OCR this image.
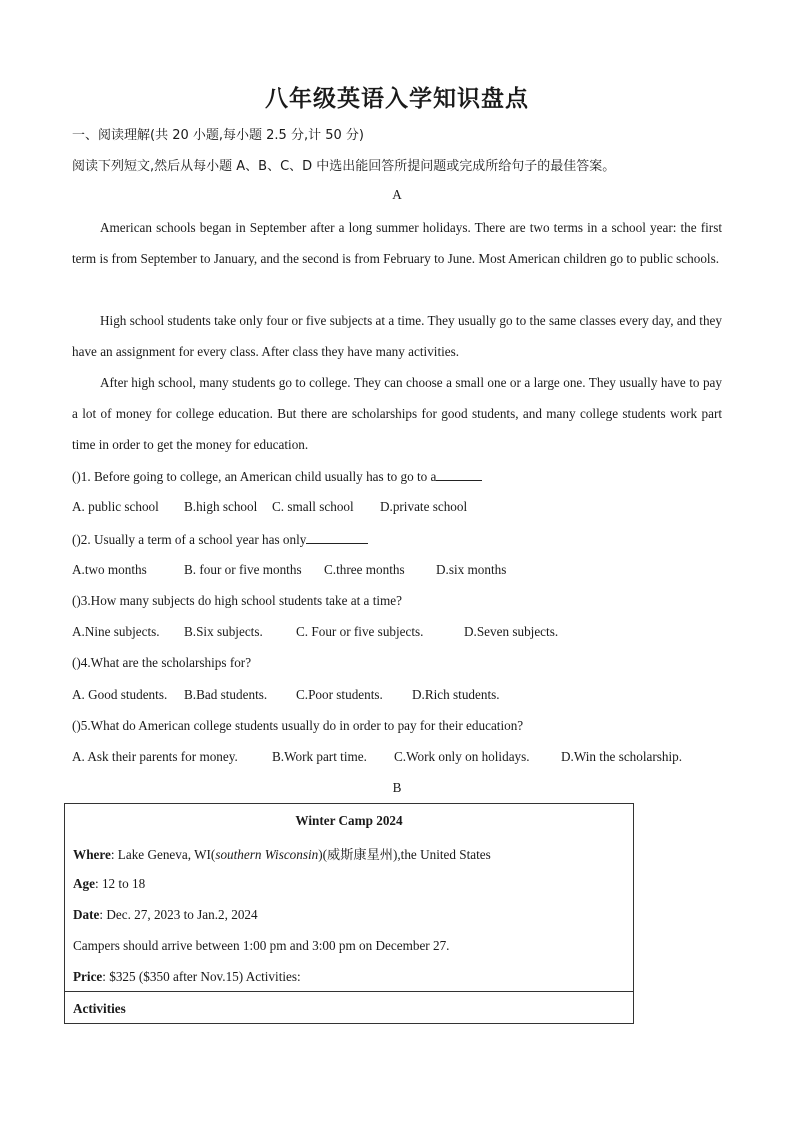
八年级英语入学知识盘点
一、阅读理解(共 20 小题,每小题 2.5 分,计 50 分)
阅读下列短文,然后从每小题 A、B、C、D 中选出能回答所提问题或完成所给句子的最佳答案。
A
American schools began in September after a long summer holidays. There are two terms in a school year: the first term is from September to January, and the second is from February to June. Most American children go to public schools.
High school students take only four or five subjects at a time. They usually go to the same classes every day, and they have an assignment for every class. After class they have many activities.
After high school, many students go to college. They can choose a small one or a large one. They usually have to pay a lot of money for college education. But there are scholarships for good students, and many college students work part time in order to get the money for education.
()1. Before going to college, an American child usually has to go to a
A. public school B.high school C. small school D.private school
()2. Usually a term of a school year has only
A.two months	B. four or five months C.three months D.six months
()3.How many subjects do high school students take at a time?
A.Nine subjects. B.Six subjects.	C. Four or five subjects.	D.Seven subjects.
()4.What are the scholarships for?
A. Good students. B.Bad students. C.Poor students. D.Rich students.
()5.What do American college students usually do in order to pay for their education?
A. Ask their parents for money.	B.Work part time. C.Work only on holidays. D.Win the scholarship.
B
Winter Camp 2024
Where: Lake Geneva, WI(southern Wisconsin)(威斯康星州),the United States
Age: 12 to 18
Date: Dec. 27, 2023 to Jan.2, 2024
Campers should arrive between 1:00 pm and 3:00 pm on December 27.
Price: $325 ($350 after Nov.15) Activities:
Activities
